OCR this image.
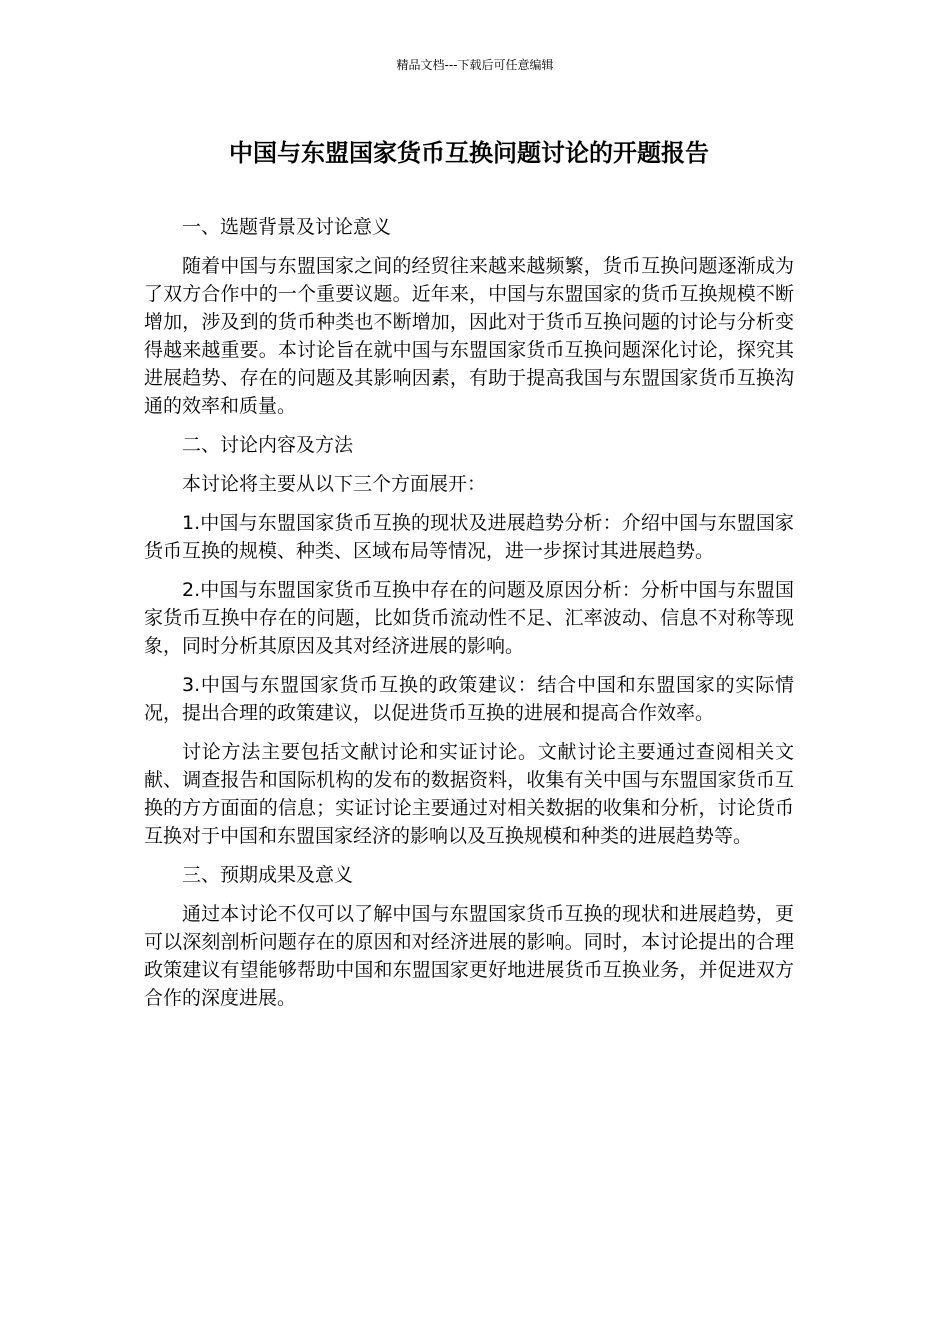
精品文档---下载后可任意编辑
中国与东盟国家货币互换问题讨论的开题报告

一、选题背景及讨论意义

随着中国与东盟国家之间的经贸往来越来越频繁，货币互换问题逐渐成为了双方合作中的一个重要议题。近年来，中国与东盟国家的货币互换规模不断增加，涉及到的货币种类也不断增加，因此对于货币互换问题的讨论与分析变得越来越重要。本讨论旨在就中国与东盟国家货币互换问题深化讨论，探究其进展趋势、存在的问题及其影响因素，有助于提高我国与东盟国家货币互换沟通的效率和质量。

二、讨论内容及方法

本讨论将主要从以下三个方面展开：

1.中国与东盟国家货币互换的现状及进展趋势分析：介绍中国与东盟国家货币互换的规模、种类、区域布局等情况，进一步探讨其进展趋势。

2.中国与东盟国家货币互换中存在的问题及原因分析：分析中国与东盟国家货币互换中存在的问题，比如货币流动性不足、汇率波动、信息不对称等现象，同时分析其原因及其对经济进展的影响。

3.中国与东盟国家货币互换的政策建议：结合中国和东盟国家的实际情况，提出合理的政策建议，以促进货币互换的进展和提高合作效率。

讨论方法主要包括文献讨论和实证讨论。文献讨论主要通过查阅相关文献、调查报告和国际机构的发布的数据资料，收集有关中国与东盟国家货币互换的方方面面的信息；实证讨论主要通过对相关数据的收集和分析，讨论货币互换对于中国和东盟国家经济的影响以及互换规模和种类的进展趋势等。

三、预期成果及意义

通过本讨论不仅可以了解中国与东盟国家货币互换的现状和进展趋势，更可以深刻剖析问题存在的原因和对经济进展的影响。同时，本讨论提出的合理政策建议有望能够帮助中国和东盟国家更好地进展货币互换业务，并促进双方合作的深度进展。
